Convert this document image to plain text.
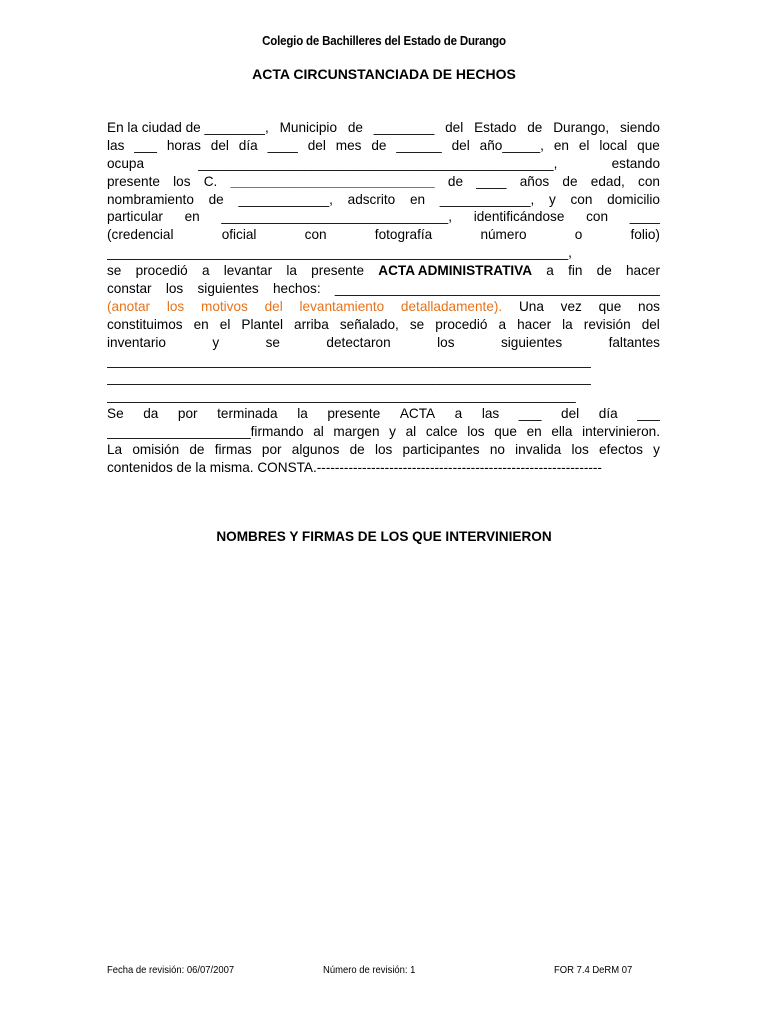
Colegio de Bachilleres del Estado de Durango
ACTA CIRCUNSTANCIADA DE HECHOS
En la ciudad de ________, Municipio de ________ del Estado de Durango, siendo
las ___ horas del día ____ del mes de ______ del año_____, en el local que
ocupa	_______________________________________________,	estando
presente los C. ___________________________ de ____ años de edad, con
nombramiento de ____________, adscrito en ____________, y con domicilio
particular en ______________________________, identificándose con ____
(credencial	oficial	con	fotografía	número	o	folio)
_____________________________________________________________,
se procedió a levantar la presente ACTA ADMINISTRATIVA a fin de hacer
constar los siguientes hechos: ___________________________________________
(anotar los motivos del levantamiento detalladamente). Una vez que nos
constituimos en el Plantel arriba señalado, se procedió a hacer la revisión del
inventario	y	se	detectaron	los	siguientes	faltantes
________________________________________________________________
________________________________________________________________
______________________________________________________________
Se da por terminada la presente ACTA a las ___ del día ___
___________________firmando al margen y al calce los que en ella intervinieron.
La omisión de firmas por algunos de los participantes no invalida los efectos y
contenidos de la misma. CONSTA.---------------------------------------------------------------
NOMBRES Y FIRMAS DE LOS QUE INTERVINIERON
Fecha de revisión: 06/07/2007	Número de revisión: 1	FOR 7.4 DeRM 07
